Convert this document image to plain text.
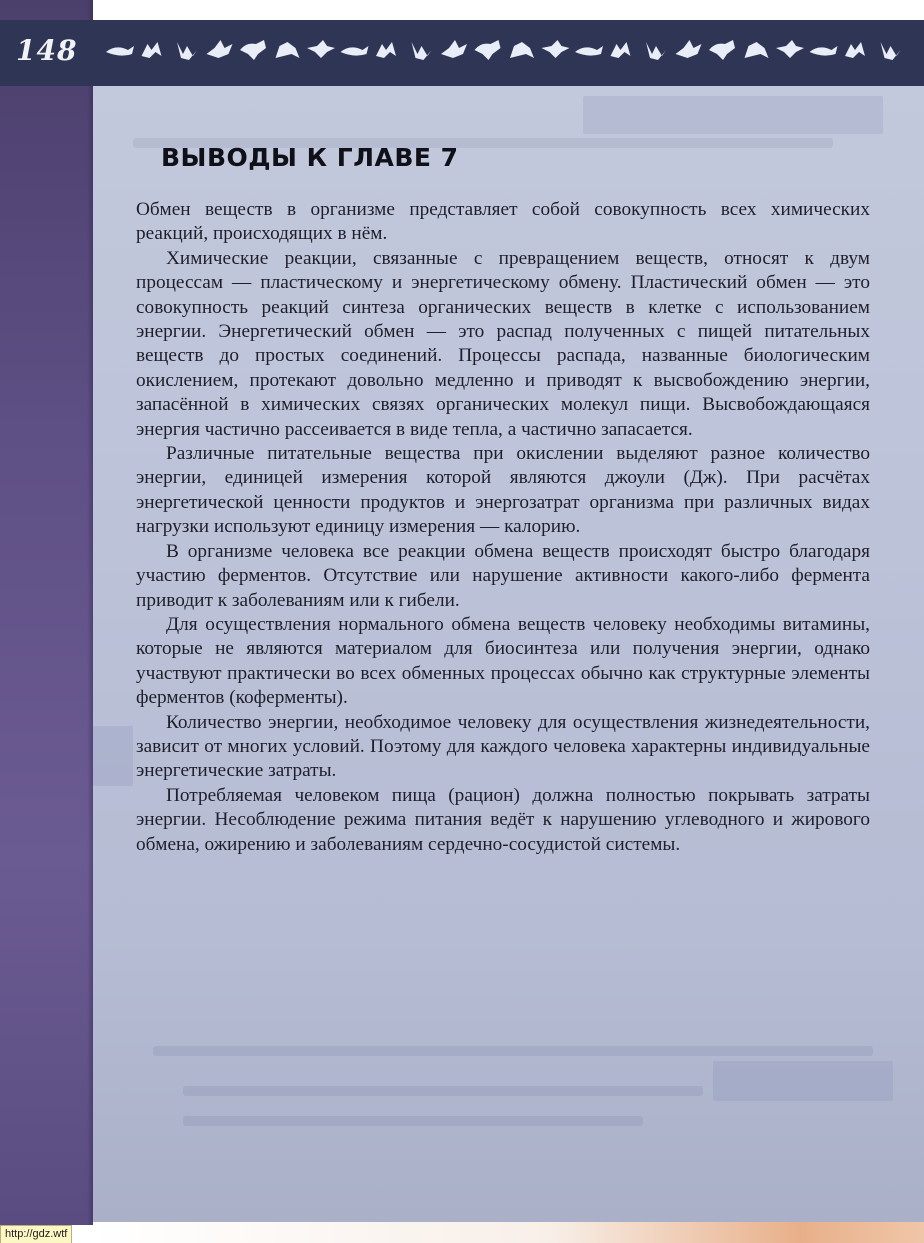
148
ВЫВОДЫ К ГЛАВЕ 7

Обмен веществ в организме представляет собой совокупность всех химических реакций, происходящих в нём.

Химические реакции, связанные с превращением веществ, относят к двум процессам — пластическому и энергетическому обмену. Пластический обмен — это совокупность реакций синтеза органических веществ в клетке с использованием энергии. Энергетический обмен — это распад полученных с пищей питательных веществ до простых соединений. Процессы распада, названные биологическим окислением, протекают довольно медленно и приводят к высвобождению энергии, запасённой в химических связях органических молекул пищи. Высвобождающаяся энергия частично рассеивается в виде тепла, а частично запасается.

Различные питательные вещества при окислении выделяют разное количество энергии, единицей измерения которой являются джоули (Дж). При расчётах энергетической ценности продуктов и энергозатрат организма при различных видах нагрузки используют единицу измерения — калорию.

В организме человека все реакции обмена веществ происходят быстро благодаря участию ферментов. Отсутствие или нарушение активности какого-либо фермента приводит к заболеваниям или к гибели.

Для осуществления нормального обмена веществ человеку необходимы витамины, которые не являются материалом для биосинтеза или получения энергии, однако участвуют практически во всех обменных процессах обычно как структурные элементы ферментов (коферменты).

Количество энергии, необходимое человеку для осуществления жизнедеятельности, зависит от многих условий. Поэтому для каждого человека характерны индивидуальные энергетические затраты.

Потребляемая человеком пища (рацион) должна полностью покрывать затраты энергии. Несоблюдение режима питания ведёт к нарушению углеводного и жирового обмена, ожирению и заболеваниям сердечно-сосудистой системы.

http://gdz.wtf
